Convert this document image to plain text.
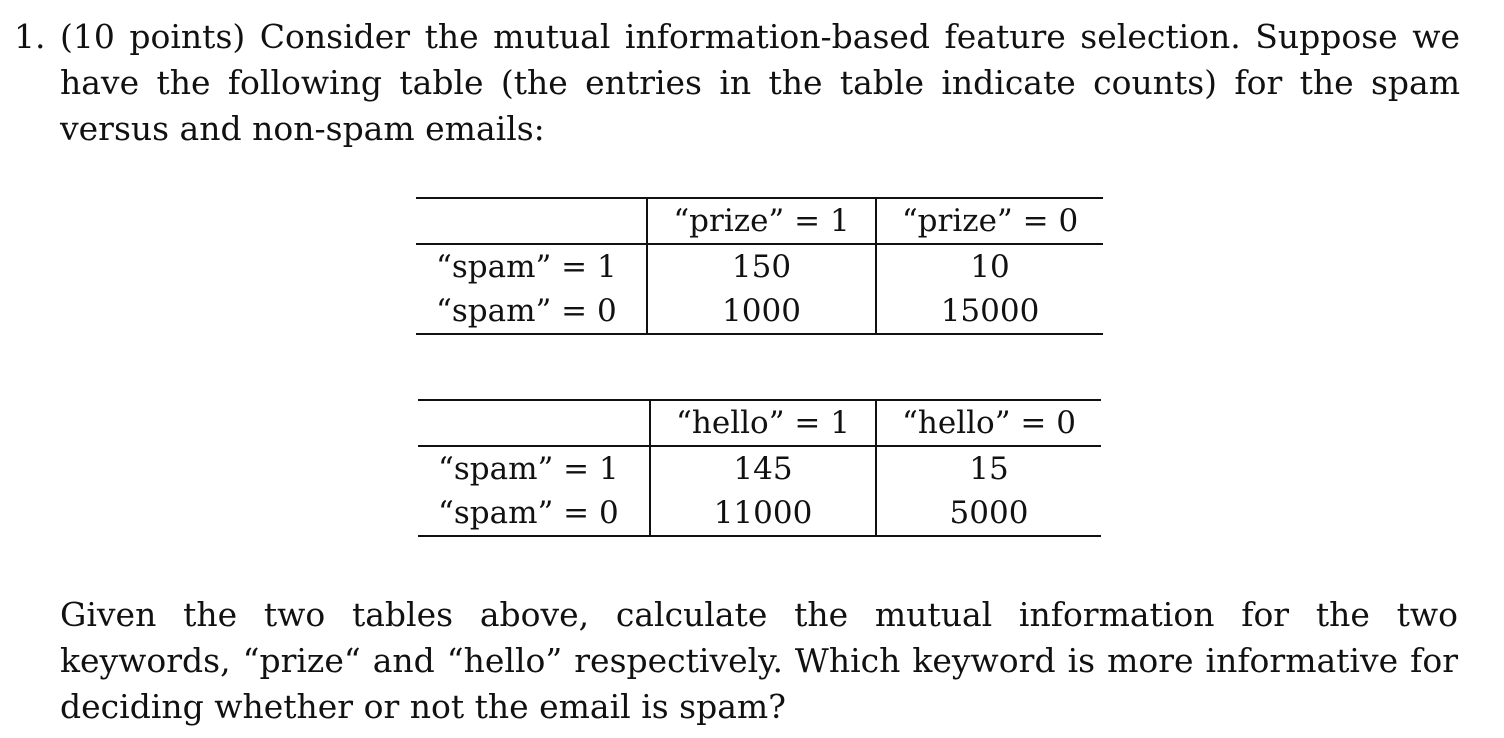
1. (10 points) Consider the mutual information-based feature selection. Suppose we have the following table (the entries in the table indicate counts) for the spam versus and non-spam emails:
	“prize” = 1	“prize” = 0
“spam” = 1	150	10
“spam” = 0	1000	15000
	“hello” = 1	“hello” = 0
“spam” = 1	145	15
“spam” = 0	11000	5000
Given the two tables above, calculate the mutual information for the two keywords, “prize“ and “hello” respectively. Which keyword is more informative for deciding whether or not the email is spam?
